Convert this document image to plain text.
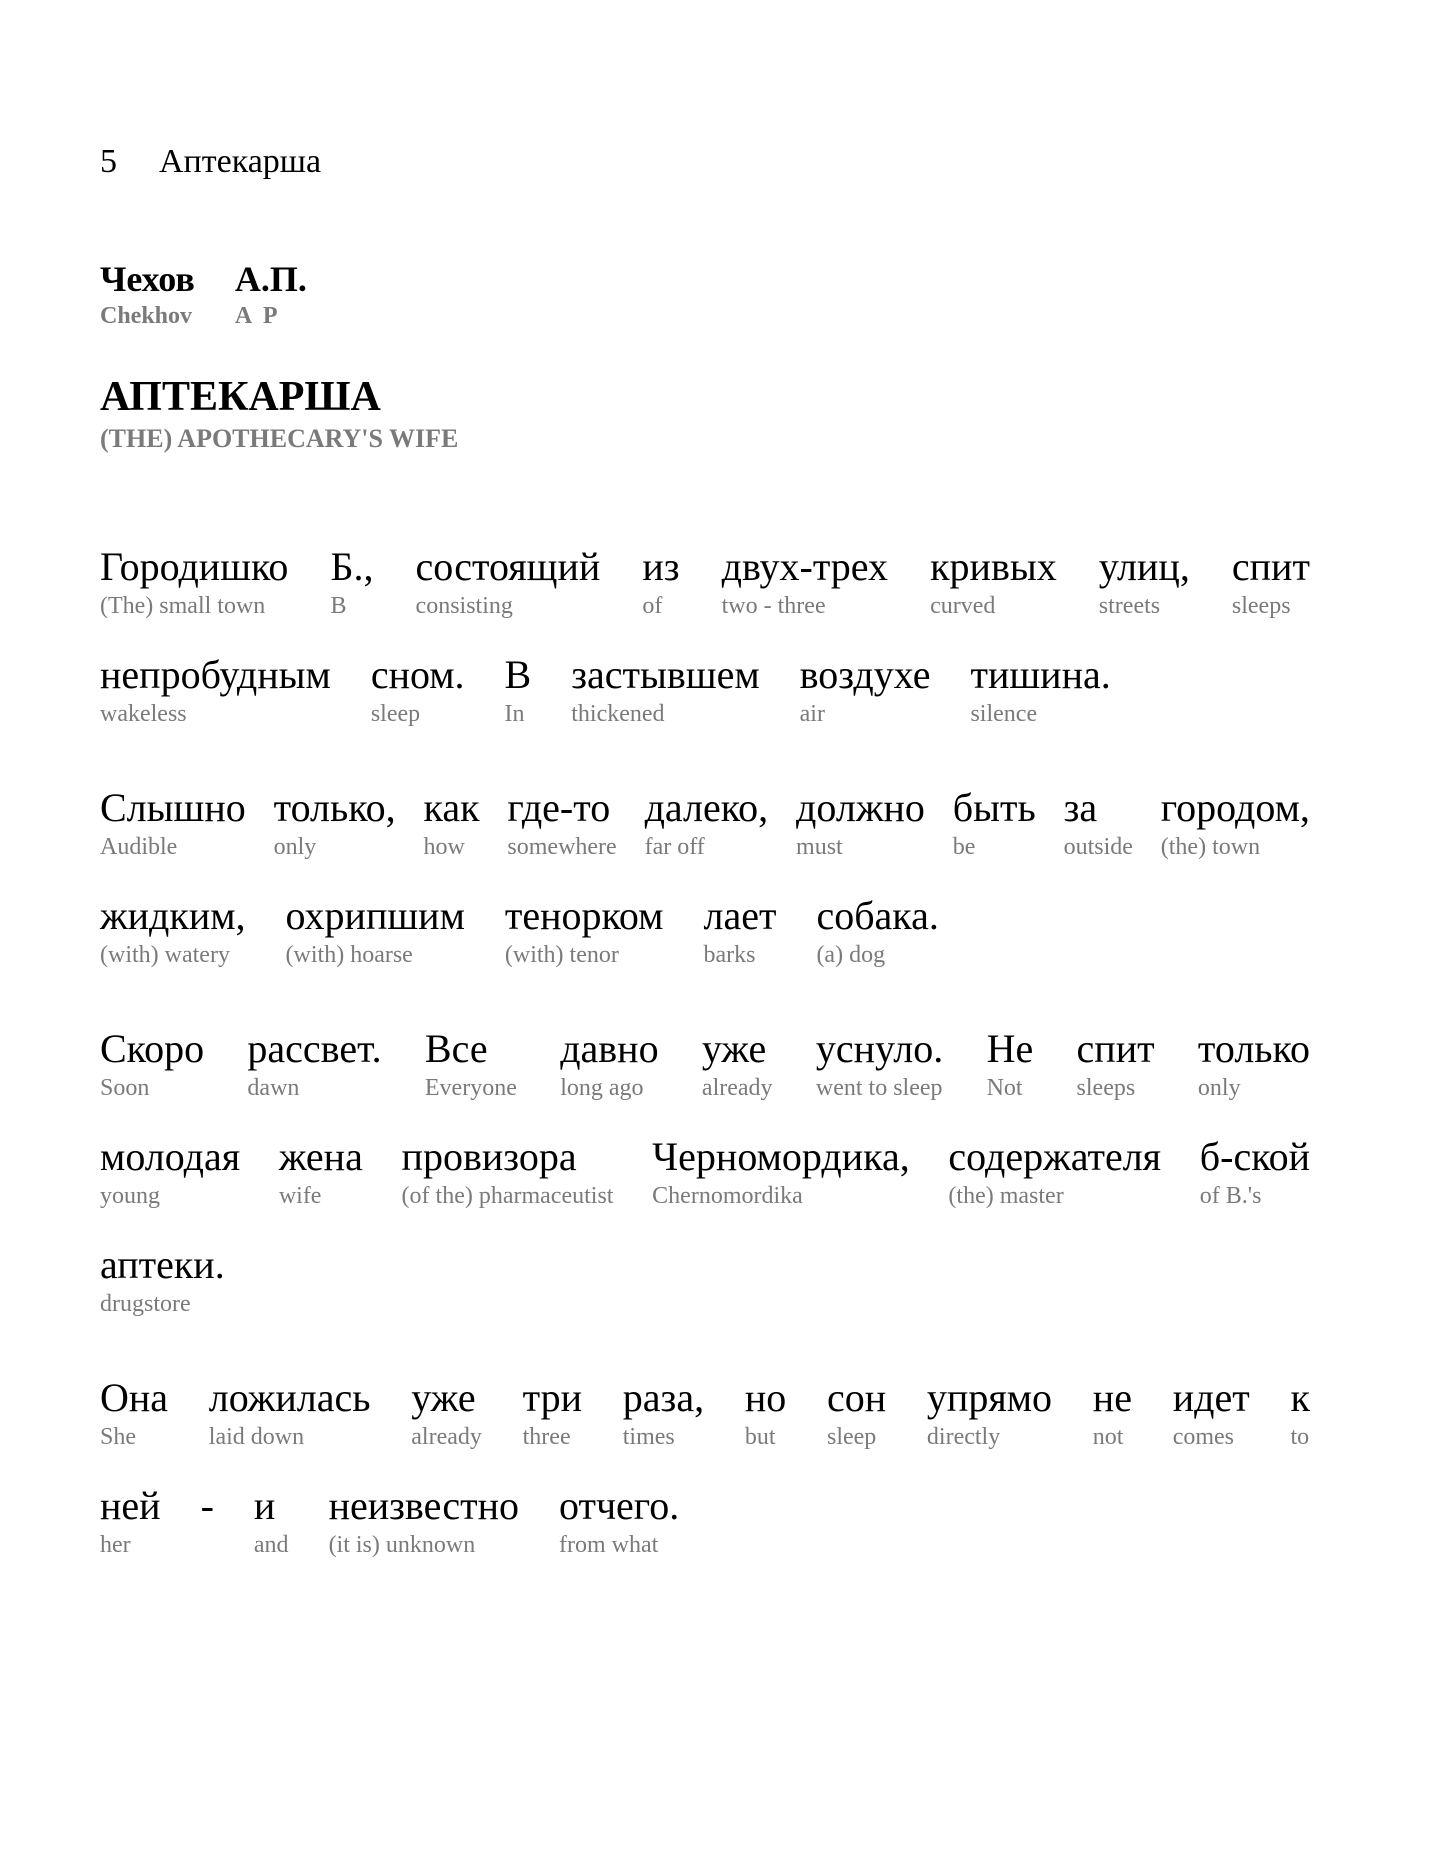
5 Аптекарша
Чехов
Chekhov
А.П.
A  P
АПТЕКАРША
(THE) APOTHECARY'S WIFE
Городишко
(The) small town
Б.,
B
состоящий
consisting
из
of
двух-трех
two - three
кривых
curved
улиц,
streets
спит
sleeps
непробудным
wakeless
сном.
sleep
В
In
застывшем
thickened
воздухе
air
тишина.
silence
Слышно
Audible
только,
only
как
how
где-то
somewhere
далеко,
far off
должно
must
быть
be
за
outside
городом,
(the) town
жидким,
(with) watery
охрипшим
(with) hoarse
тенорком
(with) tenor
лает
barks
собака.
(a) dog
Скоро
Soon
рассвет.
dawn
Все
Everyone
давно
long ago
уже
already
уснуло.
went to sleep
Не
Not
спит
sleeps
только
only
молодая
young
жена
wife
провизора
(of the) pharmaceutist
Черномордика,
Chernomordika
содержателя
(the) master
б-ской
of B.'s
аптеки.
drugstore
Она
She
ложилась
laid down
уже
already
три
three
раза,
times
но
but
сон
sleep
упрямо
directly
не
not
идет
comes
к
to
ней
her
- и
and
неизвестно
(it is) unknown
отчего.
from what
